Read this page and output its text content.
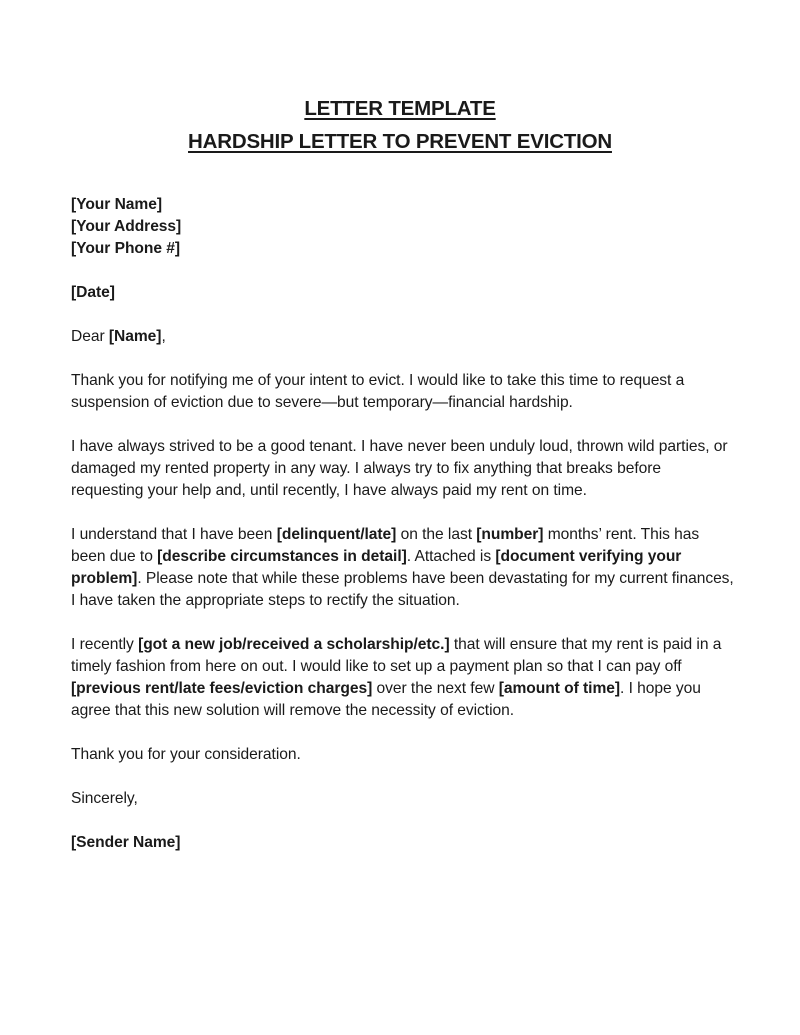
LETTER TEMPLATE
HARDSHIP LETTER TO PREVENT EVICTION

[Your Name]
[Your Address]
[Your Phone #]

[Date]

Dear [Name],

Thank you for notifying me of your intent to evict. I would like to take this time to request a suspension of eviction due to severe—but temporary—financial hardship.

I have always strived to be a good tenant. I have never been unduly loud, thrown wild parties, or damaged my rented property in any way. I always try to fix anything that breaks before requesting your help and, until recently, I have always paid my rent on time.

I understand that I have been [delinquent/late] on the last [number] months’ rent. This has been due to [describe circumstances in detail]. Attached is [document verifying your problem]. Please note that while these problems have been devastating for my current finances, I have taken the appropriate steps to rectify the situation.

I recently [got a new job/received a scholarship/etc.] that will ensure that my rent is paid in a timely fashion from here on out. I would like to set up a payment plan so that I can pay off [previous rent/late fees/eviction charges] over the next few [amount of time]. I hope you agree that this new solution will remove the necessity of eviction.

Thank you for your consideration.

Sincerely,

[Sender Name]
